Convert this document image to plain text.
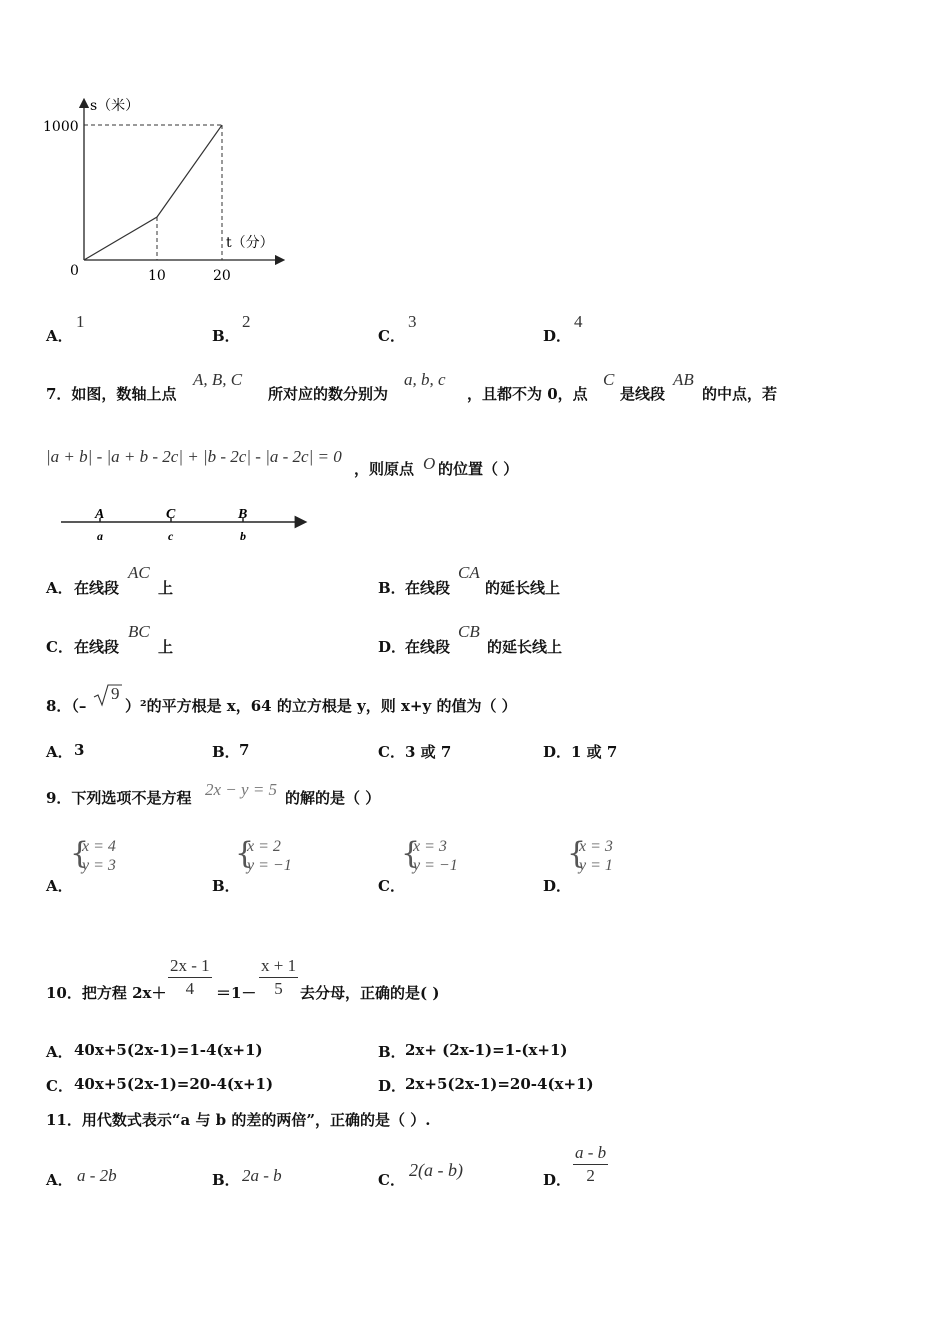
s（米）
t（分）
1000
0	10	20
A．
1
B．
2
C．
3
D．
4
7．如图，数轴上点
A, B, C
所对应的数分别为
a, b, c
，且都不为 0，点
C
是线段
AB
的中点，若
|a + b| - |a + b - 2c| + |b - 2c| - |a - 2c| = 0
，则原点 O 的位置（ ）
A	C	B
a	c	b
A． 在线段
AC
上	B． 在线段
CA
的延长线上
C． 在线段
BC
上	D．
在线段
CB
的延长线上
8．（–
9
）²的平方根是 x，64 的立方根是 y，则 x+y 的值为（ ）
A． 3	B． 7	C． 3 或 7	D． 1 或 7
9．下列选项不是方程 2x − y = 5 的解的是（ ）
A．
{
x = 4
y = 3
B．
{
x = 2
y = −1
C．
{
x = 3
y = −1
D．
{
x = 3
y = 1
10．把方程 $2x+ \frac{2x - 1}{4} =1- \frac{x + 1}{5}$ 去分母，正确的是( )
A． 40x+5(2x-1)=1-4(x+1)	B． 2x+ (2x-1)=1-(x+1)
C． 40x+5(2x-1)=20-4(x+1)	D．
2x+5(2x-1)=20-4(x+1)
11．用代数式表示“a 与 b 的差的两倍”，正确的是（ ）.
A． a - 2b	B． 2a - b	C． 2(a - b)	D． $\frac{a - b}{2}$
